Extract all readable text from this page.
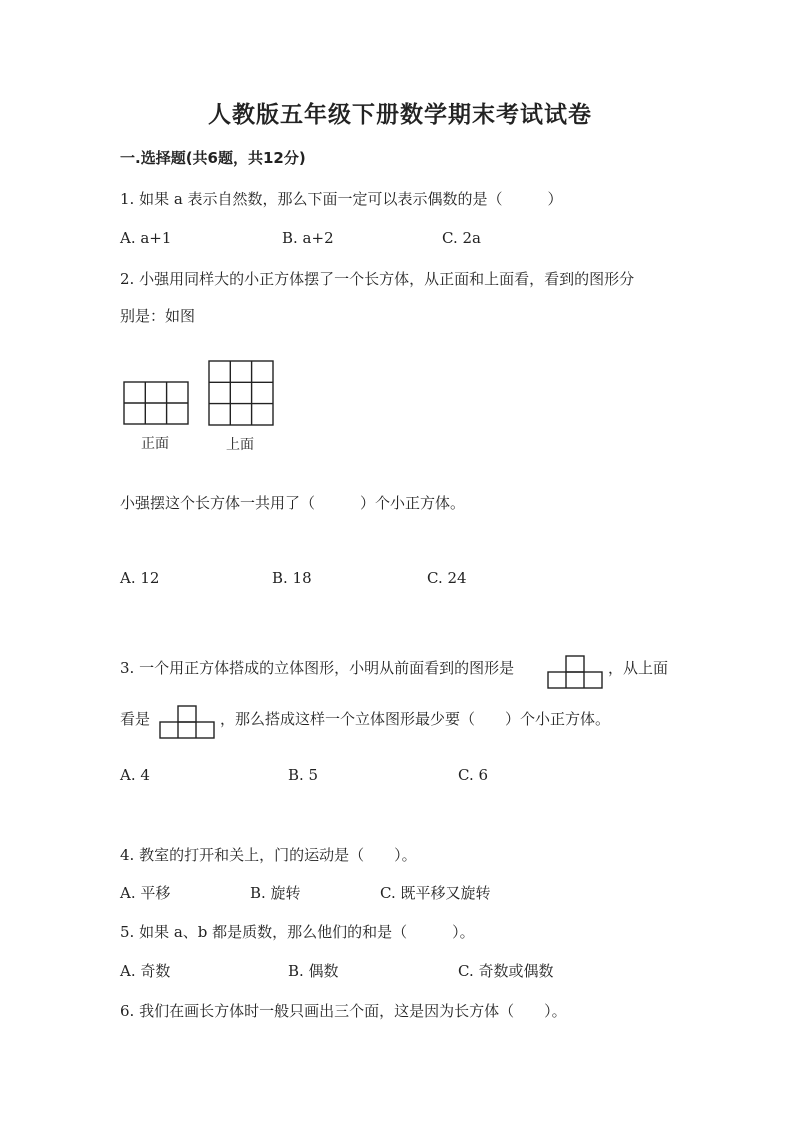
人教版五年级下册数学期末考试试卷
一.选择题(共6题，共12分)
1. 如果 a 表示自然数，那么下面一定可以表示偶数的是（　　　）
A. a+1	B. a+2	C. 2a
2. 小强用同样大的小正方体摆了一个长方体，从正面和上面看，看到的图形分
别是：如图
正面	上面
小强摆这个长方体一共用了（　　　）个小正方体。
A. 12	B. 18	C. 24
3. 一个用正方体搭成的立体图形，小明从前面看到的图形是	，从上面
看是	，那么搭成这样一个立体图形最少要（　　）个小正方体。
A. 4	B. 5	C. 6
4. 教室的打开和关上，门的运动是（　　）。
A. 平移	B. 旋转	C. 既平移又旋转
5. 如果 a、b 都是质数，那么他们的和是（　　　）。
A. 奇数	B. 偶数	C. 奇数或偶数
6. 我们在画长方体时一般只画出三个面，这是因为长方体（　　）。
